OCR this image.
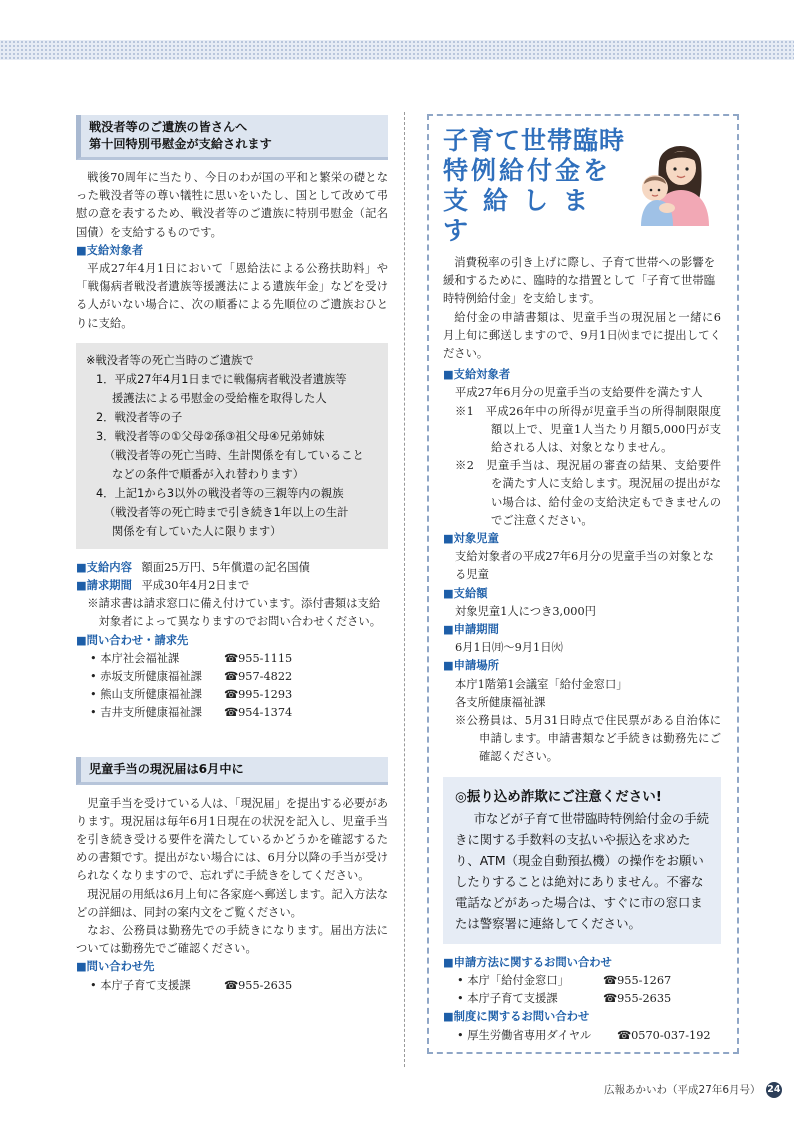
戦没者等のご遺族の皆さんへ
第十回特別弔慰金が支給されます

戦後70周年に当たり、今日のわが国の平和と繁栄の礎となった戦没者等の尊い犠牲に思いをいたし、国として改めて弔慰の意を表するため、戦没者等のご遺族に特別弔慰金（記名国債）を支給するものです。

■支給対象者

平成27年4月1日において「恩給法による公務扶助料」や「戦傷病者戦没者遺族等援護法による遺族年金」などを受ける人がいない場合に、次の順番による先順位のご遺族おひとりに支給。

※戦没者等の死亡当時のご遺族で
1．平成27年4月1日までに戦傷病者戦没者遺族等
援護法による弔慰金の受給権を取得した人
2．戦没者等の子
3．戦没者等の①父母②孫③祖父母④兄弟姉妹
（戦没者等の死亡当時、生計関係を有していること
などの条件で順番が入れ替わります）
4．上記1から3以外の戦没者等の三親等内の親族
（戦没者等の死亡時まで引き続き1年以上の生計
関係を有していた人に限ります）
■支給内容 額面25万円、5年償還の記名国債
■請求期間 平成30年4月2日まで

※請求書は請求窓口に備え付けています。添付書類は支給対象者によって異なりますのでお問い合わせください。

■問い合わせ・請求先
• 本庁社会福祉課	☎955-1115
• 赤坂支所健康福祉課	☎957-4822
• 熊山支所健康福祉課	☎995-1293
• 吉井支所健康福祉課	☎954-1374
児童手当の現況届は6月中に

児童手当を受けている人は、「現況届」を提出する必要があります。現況届は毎年6月1日現在の状況を記入し、児童手当を引き続き受ける要件を満たしているかどうかを確認するための書類です。提出がない場合には、6月分以降の手当が受けられなくなりますので、忘れずに手続きをしてください。

現況届の用紙は6月上旬に各家庭へ郵送します。記入方法などの詳細は、同封の案内文をご覧ください。

なお、公務員は勤務先での手続きになります。届出方法については勤務先でご確認ください。

■問い合わせ先
• 本庁子育て支援課	☎955-2635
子育て世帯臨時
特例給付金を
支給します

消費税率の引き上げに際し、子育て世帯への影響を緩和するために、臨時的な措置として「子育て世帯臨時特例給付金」を支給します。

給付金の申請書類は、児童手当の現況届と一緒に6月上旬に郵送しますので、9月1日㈫までに提出してください。

■支給対象者

平成27年6月分の児童手当の支給要件を満たす人

※1　平成26年中の所得が児童手当の所得制限限度額以上で、児童1人当たり月額5,000円が支給される人は、対象となりません。

※2　児童手当は、現況届の審査の結果、支給要件を満たす人に支給します。現況届の提出がない場合は、給付金の支給決定もできませんのでご注意ください。

■対象児童

支給対象者の平成27年6月分の児童手当の対象となる児童

■支給額

対象児童1人につき3,000円

■申請期間

6月1日㈪～9月1日㈫

■申請場所

本庁1階第1会議室「給付金窓口」

各支所健康福祉課

※公務員は、5月31日時点で住民票がある自治体に申請します。申請書類など手続きは勤務先にご確認ください。

◎振り込め詐欺にご注意ください!

市などが子育て世帯臨時特例給付金の手続きに関する手数料の支払いや振込を求めたり、ATM（現金自動預払機）の操作をお願いしたりすることは絶対にありません。不審な電話などがあった場合は、すぐに市の窓口または警察署に連絡してください。

■申請方法に関するお問い合わせ
• 本庁「給付金窓口」	☎955-1267
• 本庁子育て支援課	☎955-2635
■制度に関するお問い合わせ
• 厚生労働省専用ダイヤル	☎0570-037-192
広報あかいわ（平成27年6月号） 24
